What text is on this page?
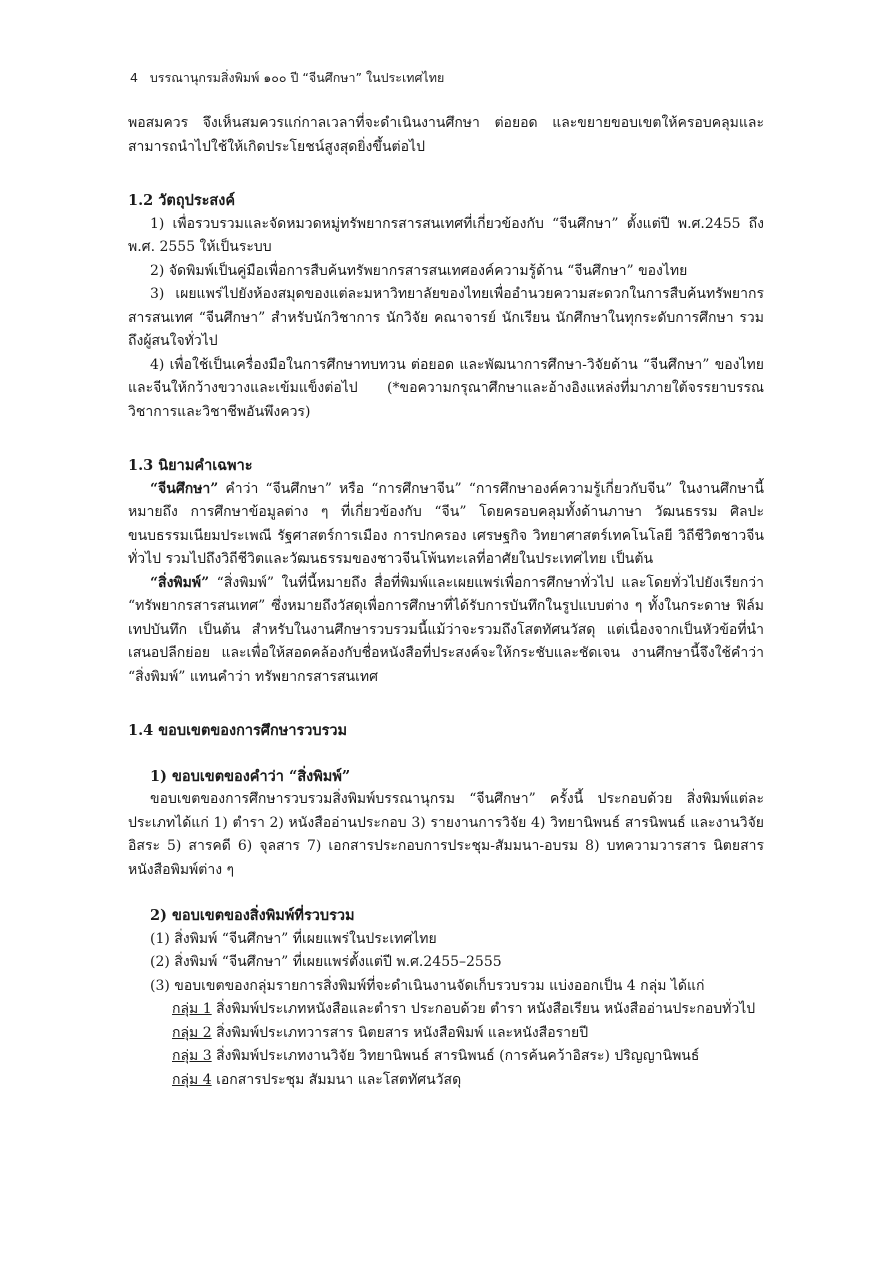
4 บรรณานุกรมสิ่งพิมพ์ ๑๐๐ ปี “จีนศึกษา” ในประเทศไทย

พอสมควร จึงเห็นสมควรแก่กาลเวลาที่จะดำเนินงานศึกษา ต่อยอด และขยายขอบเขตให้ครอบคลุมและสามารถนำไปใช้ให้เกิดประโยชน์สูงสุดยิ่งขึ้นต่อไป

1.2 วัตถุประสงค์

1) เพื่อรวบรวมและจัดหมวดหมู่ทรัพยากรสารสนเทศที่เกี่ยวข้องกับ “จีนศึกษา” ตั้งแต่ปี พ.ศ.2455 ถึง พ.ศ. 2555 ให้เป็นระบบ

2) จัดพิมพ์เป็นคู่มือเพื่อการสืบค้นทรัพยากรสารสนเทศองค์ความรู้ด้าน “จีนศึกษา” ของไทย

3) เผยแพร่ไปยังห้องสมุดของแต่ละมหาวิทยาลัยของไทยเพื่ออำนวยความสะดวกในการสืบค้นทรัพยากรสารสนเทศ “จีนศึกษา” สำหรับนักวิชาการ นักวิจัย คณาจารย์ นักเรียน นักศึกษาในทุกระดับการศึกษา รวมถึงผู้สนใจทั่วไป

4) เพื่อใช้เป็นเครื่องมือในการศึกษาทบทวน ต่อยอด และพัฒนาการศึกษา-วิจัยด้าน “จีนศึกษา” ของไทยและจีนให้กว้างขวางและเข้มแข็งต่อไป (*ขอความกรุณาศึกษาและอ้างอิงแหล่งที่มาภายใต้จรรยาบรรณวิชาการและวิชาชีพอันพึงควร)

1.3 นิยามคำเฉพาะ

“จีนศึกษา” คำว่า “จีนศึกษา” หรือ “การศึกษาจีน” “การศึกษาองค์ความรู้เกี่ยวกับจีน” ในงานศึกษานี้หมายถึง การศึกษาข้อมูลต่าง ๆ ที่เกี่ยวข้องกับ “จีน” โดยครอบคลุมทั้งด้านภาษา วัฒนธรรม ศิลปะ ขนบธรรมเนียมประเพณี รัฐศาสตร์การเมือง การปกครอง เศรษฐกิจ วิทยาศาสตร์เทคโนโลยี วิถีชีวิตชาวจีนทั่วไป รวมไปถึงวิถีชีวิตและวัฒนธรรมของชาวจีนโพ้นทะเลที่อาศัยในประเทศไทย เป็นต้น

“สิ่งพิมพ์” “สิ่งพิมพ์” ในที่นี้หมายถึง สื่อที่พิมพ์และเผยแพร่เพื่อการศึกษาทั่วไป และโดยทั่วไปยังเรียกว่า “ทรัพยากรสารสนเทศ” ซึ่งหมายถึงวัสดุเพื่อการศึกษาที่ได้รับการบันทึกในรูปแบบต่าง ๆ ทั้งในกระดาษ ฟิล์ม เทปบันทึก เป็นต้น สำหรับในงานศึกษารวบรวมนี้แม้ว่าจะรวมถึงโสตทัศนวัสดุ แต่เนื่องจากเป็นหัวข้อที่นำเสนอปลีกย่อย และเพื่อให้สอดคล้องกับชื่อหนังสือที่ประสงค์จะให้กระชับและชัดเจน งานศึกษานี้จึงใช้คำว่า “สิ่งพิมพ์” แทนคำว่า ทรัพยากรสารสนเทศ

1.4 ขอบเขตของการศึกษารวบรวม

1) ขอบเขตของคำว่า “สิ่งพิมพ์”

ขอบเขตของการศึกษารวบรวมสิ่งพิมพ์บรรณานุกรม “จีนศึกษา” ครั้งนี้ ประกอบด้วย สิ่งพิมพ์แต่ละประเภทได้แก่ 1) ตำรา 2) หนังสืออ่านประกอบ 3) รายงานการวิจัย 4) วิทยานิพนธ์ สารนิพนธ์ และงานวิจัยอิสระ 5) สารคดี 6) จุลสาร 7) เอกสารประกอบการประชุม-สัมมนา-อบรม 8) บทความวารสาร นิตยสาร หนังสือพิมพ์ต่าง ๆ

2) ขอบเขตของสิ่งพิมพ์ที่รวบรวม

(1) สิ่งพิมพ์ “จีนศึกษา” ที่เผยแพร่ในประเทศไทย

(2) สิ่งพิมพ์ “จีนศึกษา” ที่เผยแพร่ตั้งแต่ปี พ.ศ.2455–2555

(3) ขอบเขตของกลุ่มรายการสิ่งพิมพ์ที่จะดำเนินงานจัดเก็บรวบรวม แบ่งออกเป็น 4 กลุ่ม ได้แก่

กลุ่ม 1 สิ่งพิมพ์ประเภทหนังสือและตำรา ประกอบด้วย ตำรา หนังสือเรียน หนังสืออ่านประกอบทั่วไป

กลุ่ม 2 สิ่งพิมพ์ประเภทวารสาร นิตยสาร หนังสือพิมพ์ และหนังสือรายปี

กลุ่ม 3 สิ่งพิมพ์ประเภทงานวิจัย วิทยานิพนธ์ สารนิพนธ์ (การค้นคว้าอิสระ) ปริญญานิพนธ์

กลุ่ม 4 เอกสารประชุม สัมมนา และโสตทัศนวัสดุ
